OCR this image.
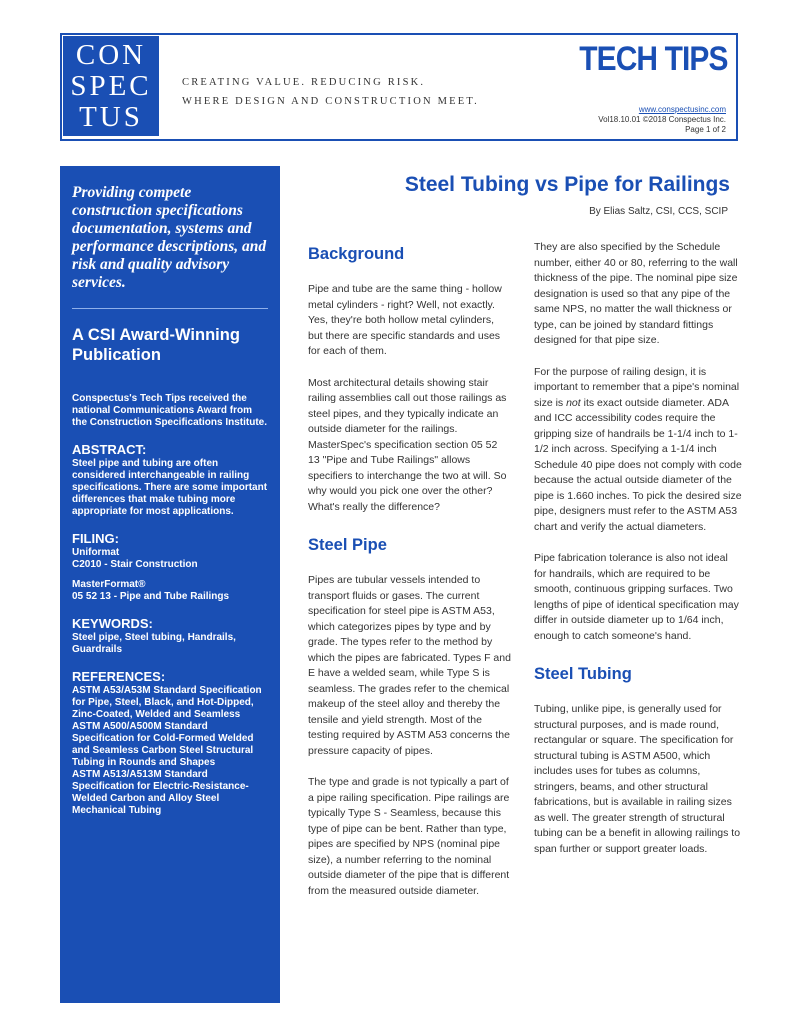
CON
SPEC
TUS
CREATING VALUE. REDUCING RISK.
WHERE DESIGN AND CONSTRUCTION MEET.
TECH TIPS
www.conspectusinc.com
Vol18.10.01 ©2018 Conspectus Inc.
Page 1 of 2

Providing compete construction specifications documentation, systems and performance descriptions, and risk and quality advisory services.

A CSI Award-Winning Publication

Conspectus's Tech Tips received the national Communications Award from the Construction Specifications Institute.

ABSTRACT:

Steel pipe and tubing are often considered interchangeable in railing specifications. There are some important differences that make tubing more appropriate for most applications.

FILING:

Uniformat

C2010 - Stair Construction

MasterFormat®

05 52 13 - Pipe and Tube Railings

KEYWORDS:

Steel pipe, Steel tubing, Handrails, Guardrails

REFERENCES:

ASTM A53/A53M Standard Specification for Pipe, Steel, Black, and Hot-Dipped, Zinc-Coated, Welded and Seamless

ASTM A500/A500M Standard Specification for Cold-Formed Welded and Seamless Carbon Steel Structural Tubing in Rounds and Shapes

ASTM A513/A513M Standard Specification for Electric-Resistance-Welded Carbon and Alloy Steel Mechanical Tubing

Steel Tubing vs Pipe for Railings
By Elias Saltz, CSI, CCS, SCIP
Background

Pipe and tube are the same thing - hollow metal cylinders - right? Well, not exactly. Yes, they're both hollow metal cylinders, but there are specific standards and uses for each of them.

Most architectural details showing stair railing assemblies call out those railings as steel pipes, and they typically indicate an outside diameter for the railings. MasterSpec's specification section 05 52 13 "Pipe and Tube Railings" allows specifiers to interchange the two at will. So why would you pick one over the other? What's really the difference?

Steel Pipe

Pipes are tubular vessels intended to transport fluids or gases. The current specification for steel pipe is ASTM A53, which categorizes pipes by type and by grade. The types refer to the method by which the pipes are fabricated. Types F and E have a welded seam, while Type S is seamless. The grades refer to the chemical makeup of the steel alloy and thereby the tensile and yield strength. Most of the testing required by ASTM A53 concerns the pressure capacity of pipes.

The type and grade is not typically a part of a pipe railing specification. Pipe railings are typically Type S - Seamless, because this type of pipe can be bent. Rather than type, pipes are specified by NPS (nominal pipe size), a number referring to the nominal outside diameter of the pipe that is different from the measured outside diameter.

They are also specified by the Schedule number, either 40 or 80, referring to the wall thickness of the pipe. The nominal pipe size designation is used so that any pipe of the same NPS, no matter the wall thickness or type, can be joined by standard fittings designed for that pipe size.

For the purpose of railing design, it is important to remember that a pipe's nominal size is not its exact outside diameter. ADA and ICC accessibility codes require the gripping size of handrails be 1-1/4 inch to 1-1/2 inch across. Specifying a 1-1/4 inch Schedule 40 pipe does not comply with code because the actual outside diameter of the pipe is 1.660 inches. To pick the desired size pipe, designers must refer to the ASTM A53 chart and verify the actual diameters.

Pipe fabrication tolerance is also not ideal for handrails, which are required to be smooth, continuous gripping surfaces. Two lengths of pipe of identical specification may differ in outside diameter up to 1/64 inch, enough to catch someone's hand.

Steel Tubing

Tubing, unlike pipe, is generally used for structural purposes, and is made round, rectangular or square. The specification for structural tubing is ASTM A500, which includes uses for tubes as columns, stringers, beams, and other structural fabrications, but is available in railing sizes as well. The greater strength of structural tubing can be a benefit in allowing railings to span further or support greater loads.
